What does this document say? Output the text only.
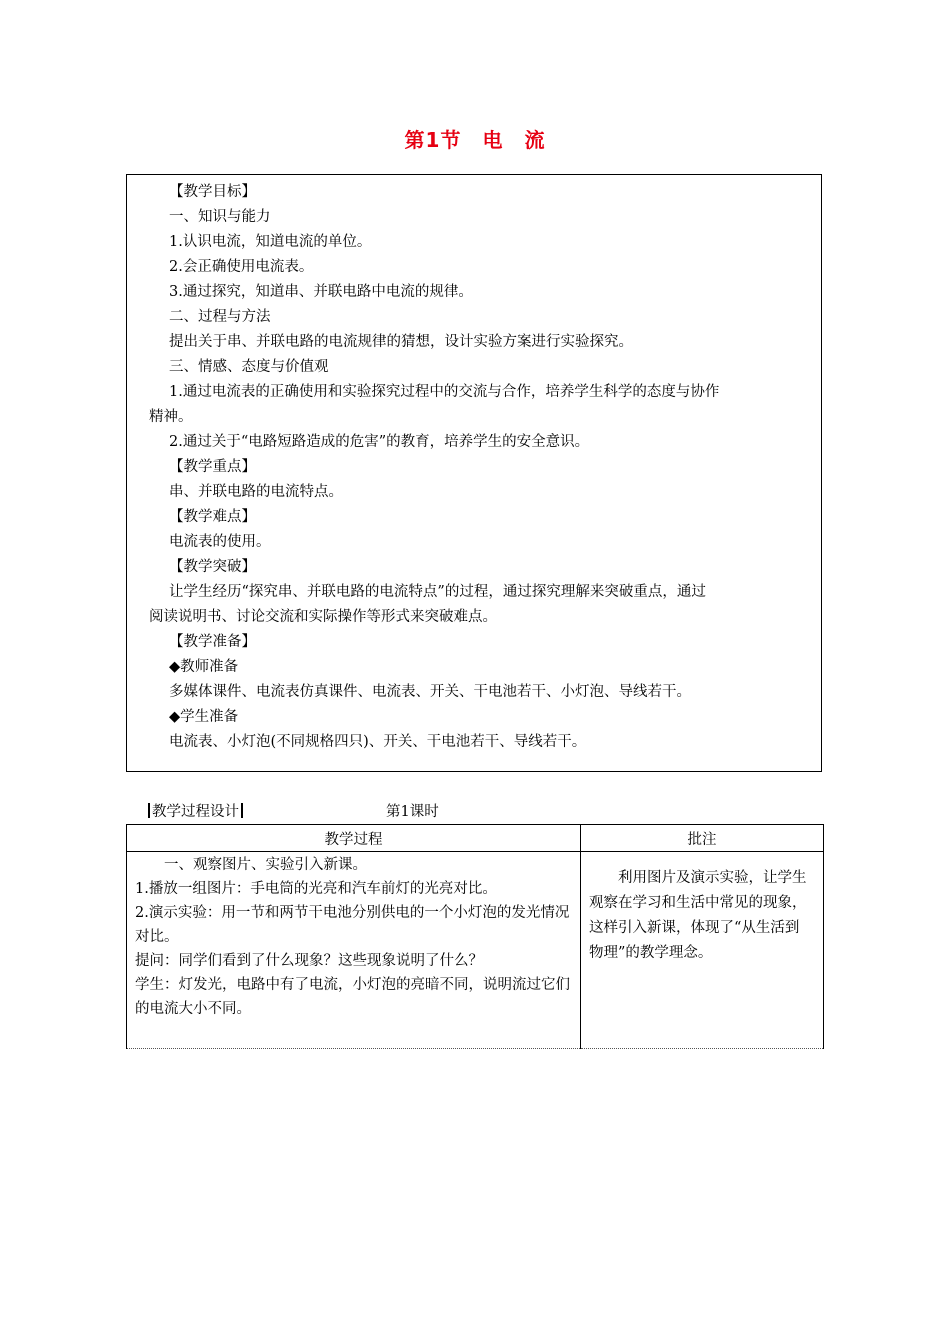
第1节　电　流

【教学目标】

一、知识与能力

1.认识电流，知道电流的单位。

2.会正确使用电流表。

3.通过探究，知道串、并联电路中电流的规律。

二、过程与方法

提出关于串、并联电路的电流规律的猜想，设计实验方案进行实验探究。

三、情感、态度与价值观

1.通过电流表的正确使用和实验探究过程中的交流与合作，培养学生科学的态度与协作

精神。

2.通过关于“电路短路造成的危害”的教育，培养学生的安全意识。

【教学重点】

串、并联电路的电流特点。

【教学难点】

电流表的使用。

【教学突破】

让学生经历“探究串、并联电路的电流特点”的过程，通过探究理解来突破重点，通过

阅读说明书、讨论交流和实际操作等形式来突破难点。

【教学准备】

◆教师准备

多媒体课件、电流表仿真课件、电流表、开关、干电池若干、小灯泡、导线若干。

◆学生准备

电流表、小灯泡(不同规格四只)、开关、干电池若干、导线若干。

教学过程设计	第1课时
教学过程	批注

　　一、观察图片、实验引入新课。

1.播放一组图片：手电筒的光亮和汽车前灯的光亮对比。

2.演示实验：用一节和两节干电池分别供电的一个小灯泡的发光情况对比。

提问：同学们看到了什么现象？这些现象说明了什么？

学生：灯发光，电路中有了电流，小灯泡的亮暗不同，说明流过它们的电流大小不同。	利用图片及演示实验，让学生观察在学习和生活中常见的现象，这样引入新课，体现了“从生活到物理”的教学理念。
